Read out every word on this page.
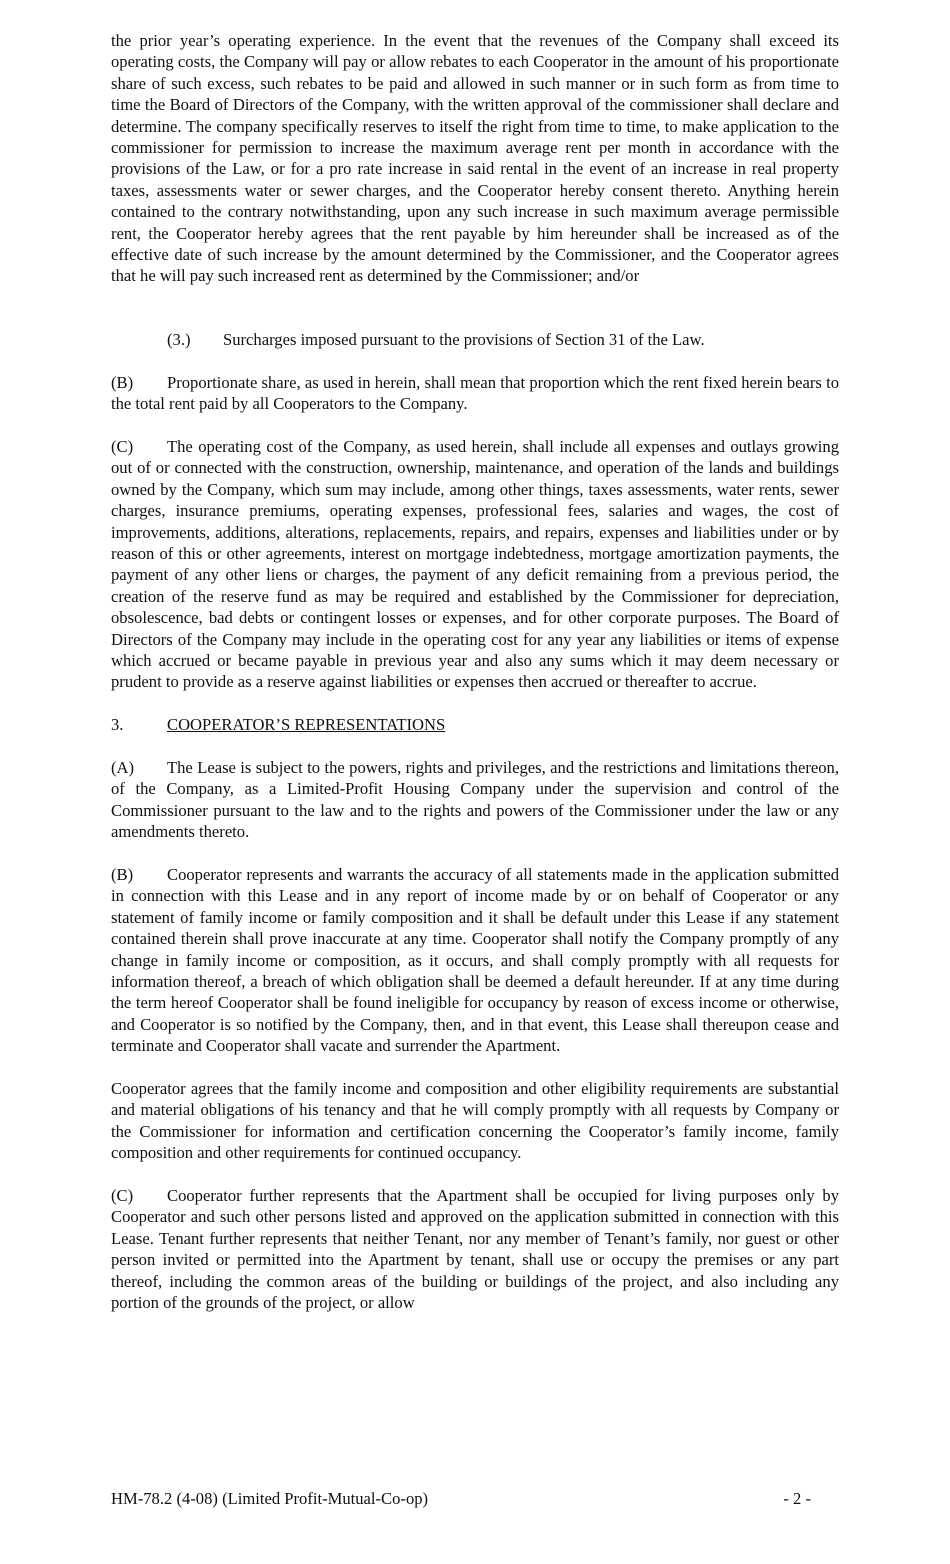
the prior year’s operating experience. In the event that the revenues of the Company shall exceed its operating costs, the Company will pay or allow rebates to each Cooperator in the amount of his proportionate share of such excess, such rebates to be paid and allowed in such manner or in such form as from time to time the Board of Directors of the Company, with the written approval of the commissioner shall declare and determine. The company specifically reserves to itself the right from time to time, to make application to the commissioner for permission to increase the maximum average rent per month in accordance with the provisions of the Law, or for a pro rate increase in said rental in the event of an increase in real property taxes, assessments water or sewer charges, and the Cooperator hereby consent thereto. Anything herein contained to the contrary notwithstanding, upon any such increase in such maximum average permissible rent, the Cooperator hereby agrees that the rent payable by him hereunder shall be increased as of the effective date of such increase by the amount determined by the Commissioner, and the Cooperator agrees that he will pay such increased rent as determined by the Commissioner; and/or

(3.) Surcharges imposed pursuant to the provisions of Section 31 of the Law.

(B) Proportionate share, as used in herein, shall mean that proportion which the rent fixed herein bears to the total rent paid by all Cooperators to the Company.

(C) The operating cost of the Company, as used herein, shall include all expenses and outlays growing out of or connected with the construction, ownership, maintenance, and operation of the lands and buildings owned by the Company, which sum may include, among other things, taxes assessments, water rents, sewer charges, insurance premiums, operating expenses, professional fees, salaries and wages, the cost of improvements, additions, alterations, replacements, repairs, and repairs, expenses and liabilities under or by reason of this or other agreements, interest on mortgage indebtedness, mortgage amortization payments, the payment of any other liens or charges, the payment of any deficit remaining from a previous period, the creation of the reserve fund as may be required and established by the Commissioner for depreciation, obsolescence, bad debts or contingent losses or expenses, and for other corporate purposes. The Board of Directors of the Company may include in the operating cost for any year any liabilities or items of expense which accrued or became payable in previous year and also any sums which it may deem necessary or prudent to provide as a reserve against liabilities or expenses then accrued or thereafter to accrue.

3.	COOPERATOR’S REPRESENTATIONS

(A) The Lease is subject to the powers, rights and privileges, and the restrictions and limitations thereon, of the Company, as a Limited-Profit Housing Company under the supervision and control of the Commissioner pursuant to the law and to the rights and powers of the Commissioner under the law or any amendments thereto.

(B) Cooperator represents and warrants the accuracy of all statements made in the application submitted in connection with this Lease and in any report of income made by or on behalf of Cooperator or any statement of family income or family composition and it shall be default under this Lease if any statement contained therein shall prove inaccurate at any time. Cooperator shall notify the Company promptly of any change in family income or composition, as it occurs, and shall comply promptly with all requests for information thereof, a breach of which obligation shall be deemed a default hereunder. If at any time during the term hereof Cooperator shall be found ineligible for occupancy by reason of excess income or otherwise, and Cooperator is so notified by the Company, then, and in that event, this Lease shall thereupon cease and terminate and Cooperator shall vacate and surrender the Apartment.

Cooperator agrees that the family income and composition and other eligibility requirements are substantial and material obligations of his tenancy and that he will comply promptly with all requests by Company or the Commissioner for information and certification concerning the Cooperator’s family income, family composition and other requirements for continued occupancy.

(C) Cooperator further represents that the Apartment shall be occupied for living purposes only by Cooperator and such other persons listed and approved on the application submitted in connection with this Lease. Tenant further represents that neither Tenant, nor any member of Tenant’s family, nor guest or other person invited or permitted into the Apartment by tenant, shall use or occupy the premises or any part thereof, including the common areas of the building or buildings of the project, and also including any portion of the grounds of the project, or allow

HM-78.2 (4-08) (Limited Profit-Mutual-Co-op)	- 2 -
